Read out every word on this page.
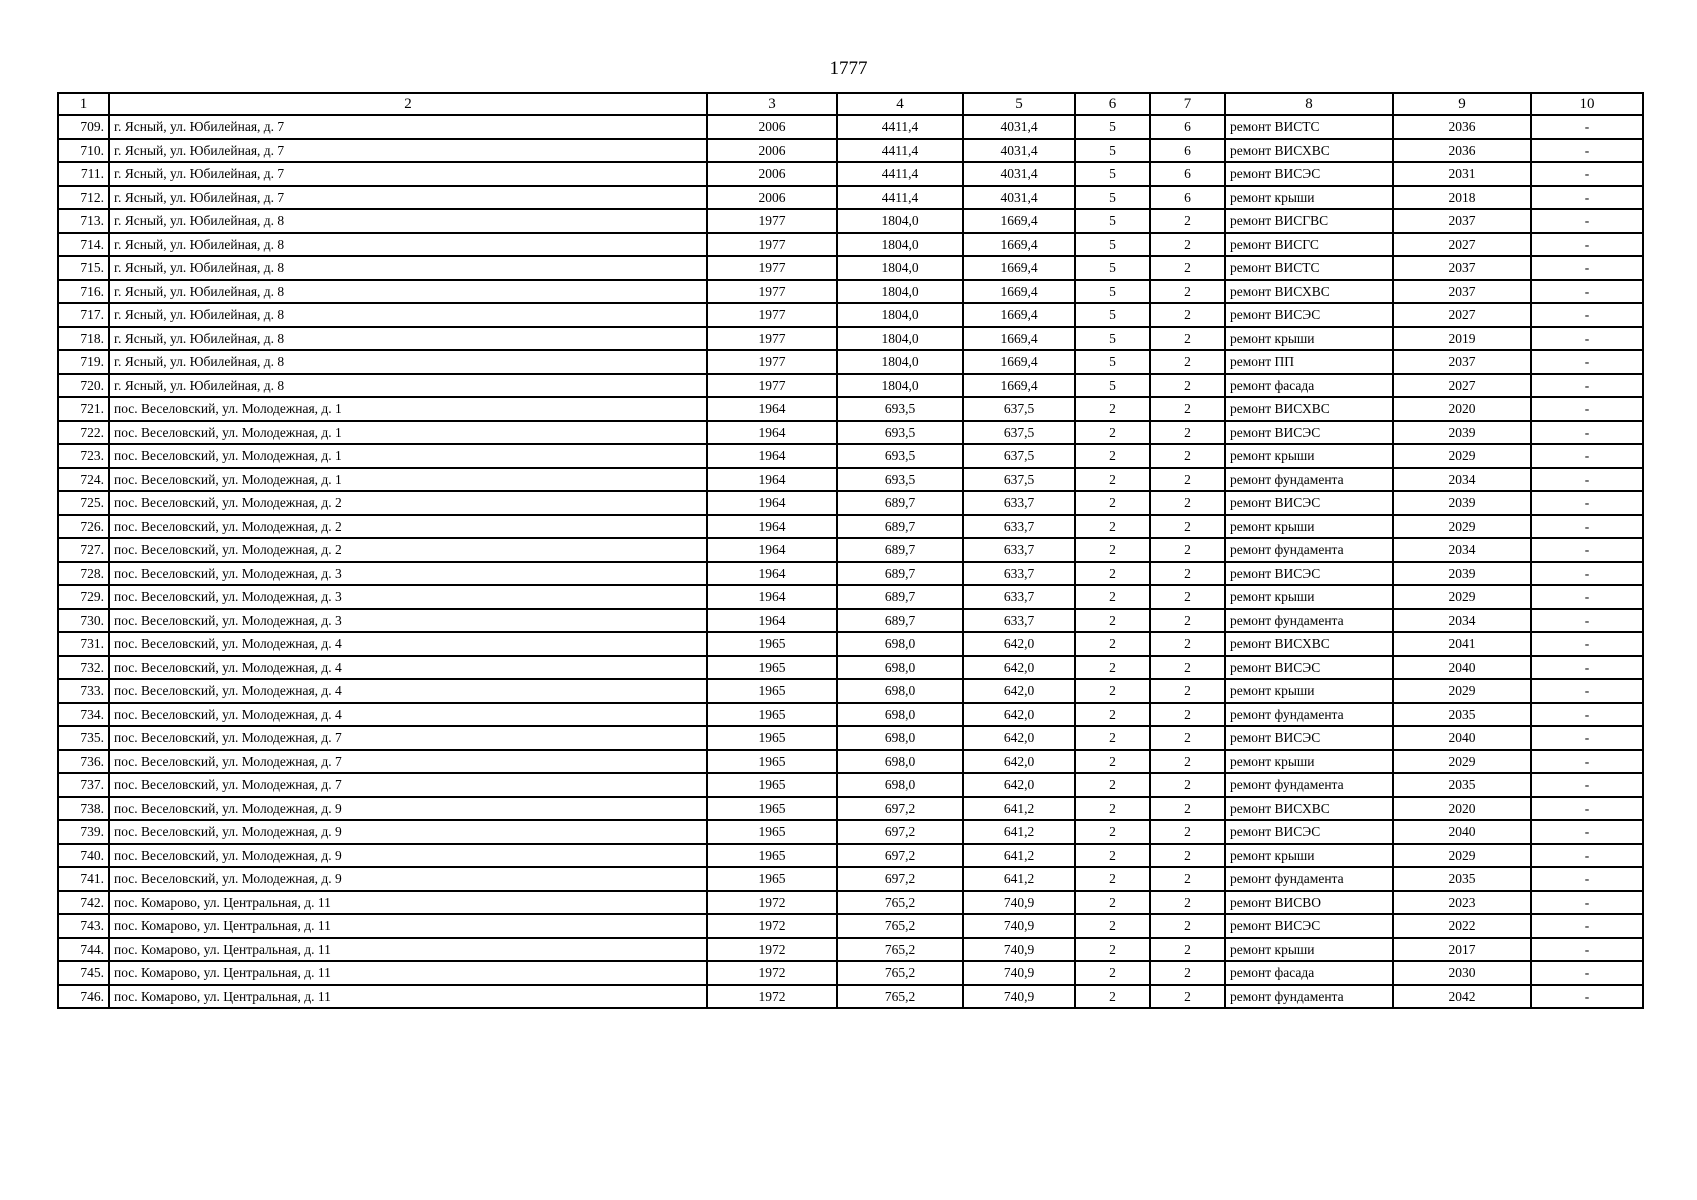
1777
1	2	3	4	5	6	7	8	9	10
709.	г. Ясный, ул. Юбилейная, д. 7	2006	4411,4	4031,4	5	6	ремонт ВИСТС	2036	-
710.	г. Ясный, ул. Юбилейная, д. 7	2006	4411,4	4031,4	5	6	ремонт ВИСХВС	2036	-
711.	г. Ясный, ул. Юбилейная, д. 7	2006	4411,4	4031,4	5	6	ремонт ВИСЭС	2031	-
712.	г. Ясный, ул. Юбилейная, д. 7	2006	4411,4	4031,4	5	6	ремонт крыши	2018	-
713.	г. Ясный, ул. Юбилейная, д. 8	1977	1804,0	1669,4	5	2	ремонт ВИСГВС	2037	-
714.	г. Ясный, ул. Юбилейная, д. 8	1977	1804,0	1669,4	5	2	ремонт ВИСГС	2027	-
715.	г. Ясный, ул. Юбилейная, д. 8	1977	1804,0	1669,4	5	2	ремонт ВИСТС	2037	-
716.	г. Ясный, ул. Юбилейная, д. 8	1977	1804,0	1669,4	5	2	ремонт ВИСХВС	2037	-
717.	г. Ясный, ул. Юбилейная, д. 8	1977	1804,0	1669,4	5	2	ремонт ВИСЭС	2027	-
718.	г. Ясный, ул. Юбилейная, д. 8	1977	1804,0	1669,4	5	2	ремонт крыши	2019	-
719.	г. Ясный, ул. Юбилейная, д. 8	1977	1804,0	1669,4	5	2	ремонт ПП	2037	-
720.	г. Ясный, ул. Юбилейная, д. 8	1977	1804,0	1669,4	5	2	ремонт фасада	2027	-
721.	пос. Веселовский, ул. Молодежная, д. 1	1964	693,5	637,5	2	2	ремонт ВИСХВС	2020	-
722.	пос. Веселовский, ул. Молодежная, д. 1	1964	693,5	637,5	2	2	ремонт ВИСЭС	2039	-
723.	пос. Веселовский, ул. Молодежная, д. 1	1964	693,5	637,5	2	2	ремонт крыши	2029	-
724.	пос. Веселовский, ул. Молодежная, д. 1	1964	693,5	637,5	2	2	ремонт фундамента	2034	-
725.	пос. Веселовский, ул. Молодежная, д. 2	1964	689,7	633,7	2	2	ремонт ВИСЭС	2039	-
726.	пос. Веселовский, ул. Молодежная, д. 2	1964	689,7	633,7	2	2	ремонт крыши	2029	-
727.	пос. Веселовский, ул. Молодежная, д. 2	1964	689,7	633,7	2	2	ремонт фундамента	2034	-
728.	пос. Веселовский, ул. Молодежная, д. 3	1964	689,7	633,7	2	2	ремонт ВИСЭС	2039	-
729.	пос. Веселовский, ул. Молодежная, д. 3	1964	689,7	633,7	2	2	ремонт крыши	2029	-
730.	пос. Веселовский, ул. Молодежная, д. 3	1964	689,7	633,7	2	2	ремонт фундамента	2034	-
731.	пос. Веселовский, ул. Молодежная, д. 4	1965	698,0	642,0	2	2	ремонт ВИСХВС	2041	-
732.	пос. Веселовский, ул. Молодежная, д. 4	1965	698,0	642,0	2	2	ремонт ВИСЭС	2040	-
733.	пос. Веселовский, ул. Молодежная, д. 4	1965	698,0	642,0	2	2	ремонт крыши	2029	-
734.	пос. Веселовский, ул. Молодежная, д. 4	1965	698,0	642,0	2	2	ремонт фундамента	2035	-
735.	пос. Веселовский, ул. Молодежная, д. 7	1965	698,0	642,0	2	2	ремонт ВИСЭС	2040	-
736.	пос. Веселовский, ул. Молодежная, д. 7	1965	698,0	642,0	2	2	ремонт крыши	2029	-
737.	пос. Веселовский, ул. Молодежная, д. 7	1965	698,0	642,0	2	2	ремонт фундамента	2035	-
738.	пос. Веселовский, ул. Молодежная, д. 9	1965	697,2	641,2	2	2	ремонт ВИСХВС	2020	-
739.	пос. Веселовский, ул. Молодежная, д. 9	1965	697,2	641,2	2	2	ремонт ВИСЭС	2040	-
740.	пос. Веселовский, ул. Молодежная, д. 9	1965	697,2	641,2	2	2	ремонт крыши	2029	-
741.	пос. Веселовский, ул. Молодежная, д. 9	1965	697,2	641,2	2	2	ремонт фундамента	2035	-
742.	пос. Комарово, ул. Центральная, д. 11	1972	765,2	740,9	2	2	ремонт ВИСВО	2023	-
743.	пос. Комарово, ул. Центральная, д. 11	1972	765,2	740,9	2	2	ремонт ВИСЭС	2022	-
744.	пос. Комарово, ул. Центральная, д. 11	1972	765,2	740,9	2	2	ремонт крыши	2017	-
745.	пос. Комарово, ул. Центральная, д. 11	1972	765,2	740,9	2	2	ремонт фасада	2030	-
746.	пос. Комарово, ул. Центральная, д. 11	1972	765,2	740,9	2	2	ремонт фундамента	2042	-
